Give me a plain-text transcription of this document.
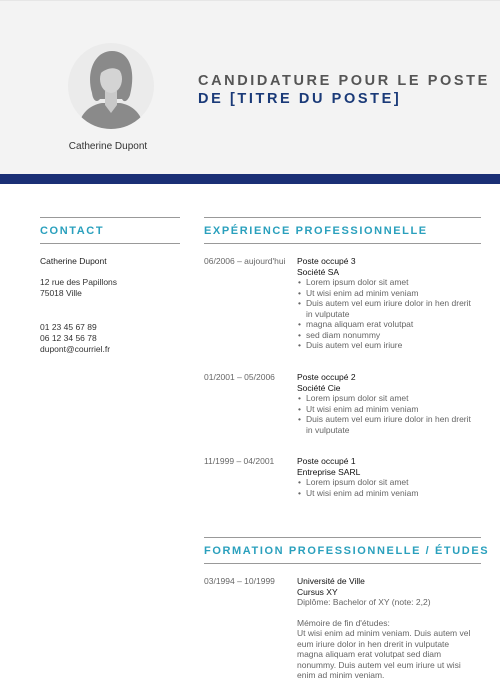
Catherine Dupont
CANDIDATURE POUR LE POSTE
DE [TITRE DU POSTE]
CONTACT
Catherine Dupont
12 rue des Papillons
75018 Ville
01 23 45 67 89
06 12 34 56 78
dupont@courriel.fr
EXPÉRIENCE PROFESSIONNELLE
06/2006 – aujourd'hui	Poste occupé 3
Société SA
• Lorem ipsum dolor sit amet
• Ut wisi enim ad minim veniam
• Duis autem vel eum iriure dolor in hen drerit in vulputate
• magna aliquam erat volutpat
• sed diam nonummy
• Duis autem vel eum iriure
01/2001 – 05/2006	Poste occupé 2
Société Cie
• Lorem ipsum dolor sit amet
• Ut wisi enim ad minim veniam
• Duis autem vel eum iriure dolor in hen drerit in vulputate
11/1999 – 04/2001	Poste occupé 1
Entreprise SARL
• Lorem ipsum dolor sit amet
• Ut wisi enim ad minim veniam
FORMATION PROFESSIONNELLE / ÉTUDES
03/1994 – 10/1999	Université de Ville
Cursus XY
Diplôme: Bachelor of XY (note: 2,2)
Mémoire de fin d'études:
Ut wisi enim ad minim veniam. Duis autem vel eum iriure dolor in hen drerit in vulputate magna aliquam erat volutpat sed diam nonummy. Duis autem vel eum iriure ut wisi enim ad minim veniam.
